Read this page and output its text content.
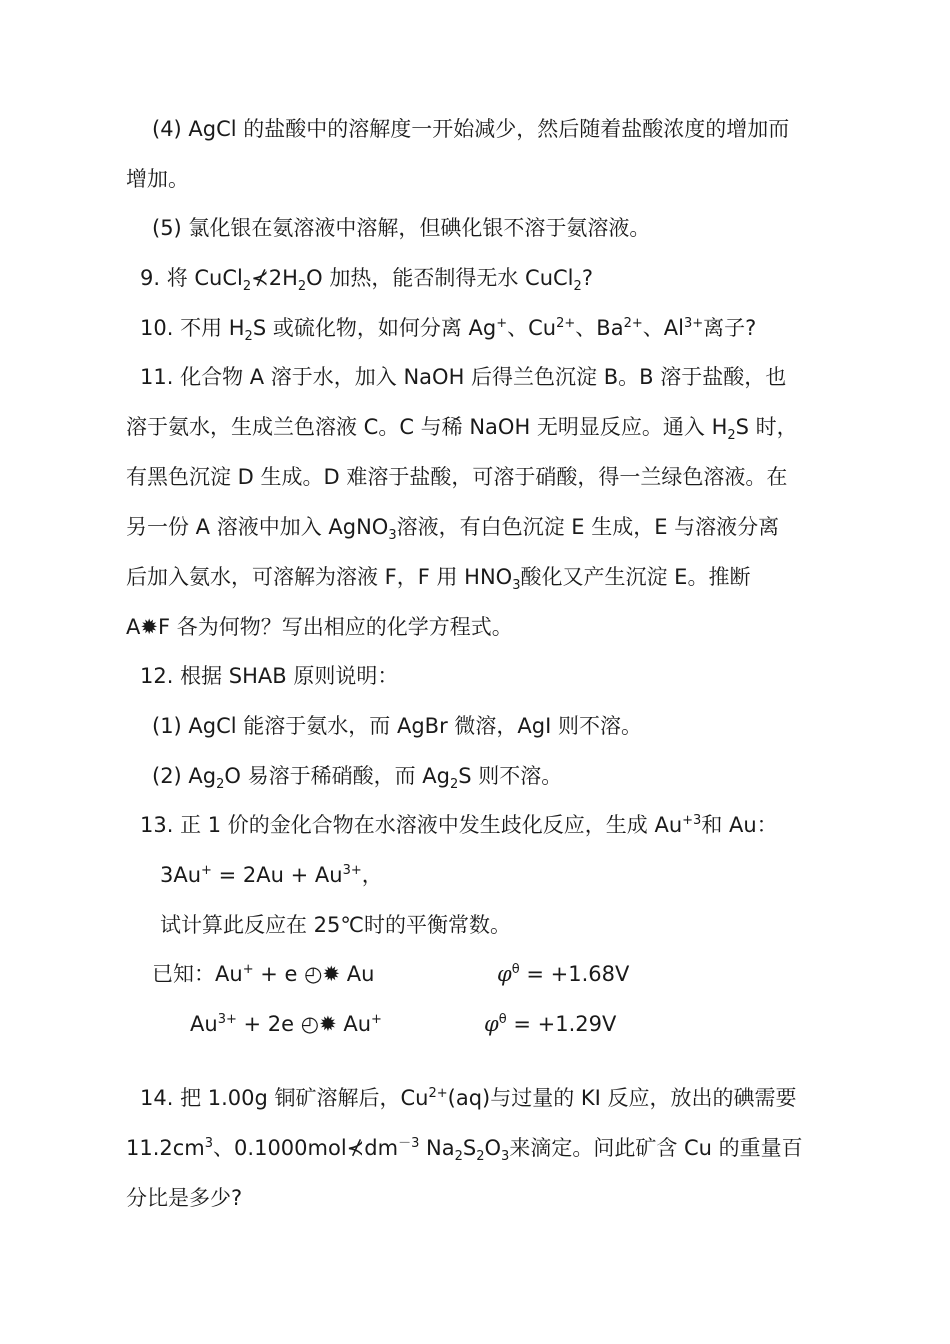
(4) AgCl 的盐酸中的溶解度一开始减少，然后随着盐酸浓度的增加而
增加。
(5) 氯化银在氨溶液中溶解，但碘化银不溶于氨溶液。
9. 将 $CuCl_2⊀2H_2O$ 加热，能否制得无水 CuCl$_2$?
10. 不用 $H_2S$ 或硫化物，如何分离 Ag+、$Cu^{2+}$、$Ba^{2+}$、$Al^{3+}$离子?
11. 化合物 A 溶于水，加入 NaOH 后得兰色沉淀 B。B 溶于盐酸，也
溶于氨水，生成兰色溶液 C。C 与稀 NaOH 无明显反应。通入 $H_2S$ 时，
有黑色沉淀 D 生成。D 难溶于盐酸，可溶于硝酸，得一兰绿色溶液。在
另一份 A 溶液中加入 AgNO$_3$溶液，有白色沉淀 E 生成，E 与溶液分离
后加入氨水，可溶解为溶液 F，F 用 $HNO_3$酸化又产生沉淀 E。推断
A✹F 各为何物？写出相应的化学方程式。
12. 根据 SHAB 原则说明：
(1) AgCl 能溶于氨水，而 AgBr 微溶，AgI 则不溶。
(2) $Ag_2O$ 易溶于稀硝酸，而 $Ag_2S$ 则不溶。
13. 正 1 价的金化合物在水溶液中发生歧化反应，生成 $Au^{+3}$和 Au：
$3Au^+ = 2Au + Au^{3+}$，
试计算此反应在 25℃时的平衡常数。
已知：Au+ + e ◴✹ Au	$\varphi^\theta = +1.68V$
$Au^{3+} + 2e$ ◴✹ Au+	$\varphi^\theta = +1.29V$
14. 把 1.00g 铜矿溶解后，$Cu^{2+}(aq)$与过量的 KI 反应，放出的碘需要
$11.2cm^3$、$0.1000mol⊀dm^{-3}$ $Na_2S_2O_3$来滴定。问此矿含 Cu 的重量百
分比是多少?
